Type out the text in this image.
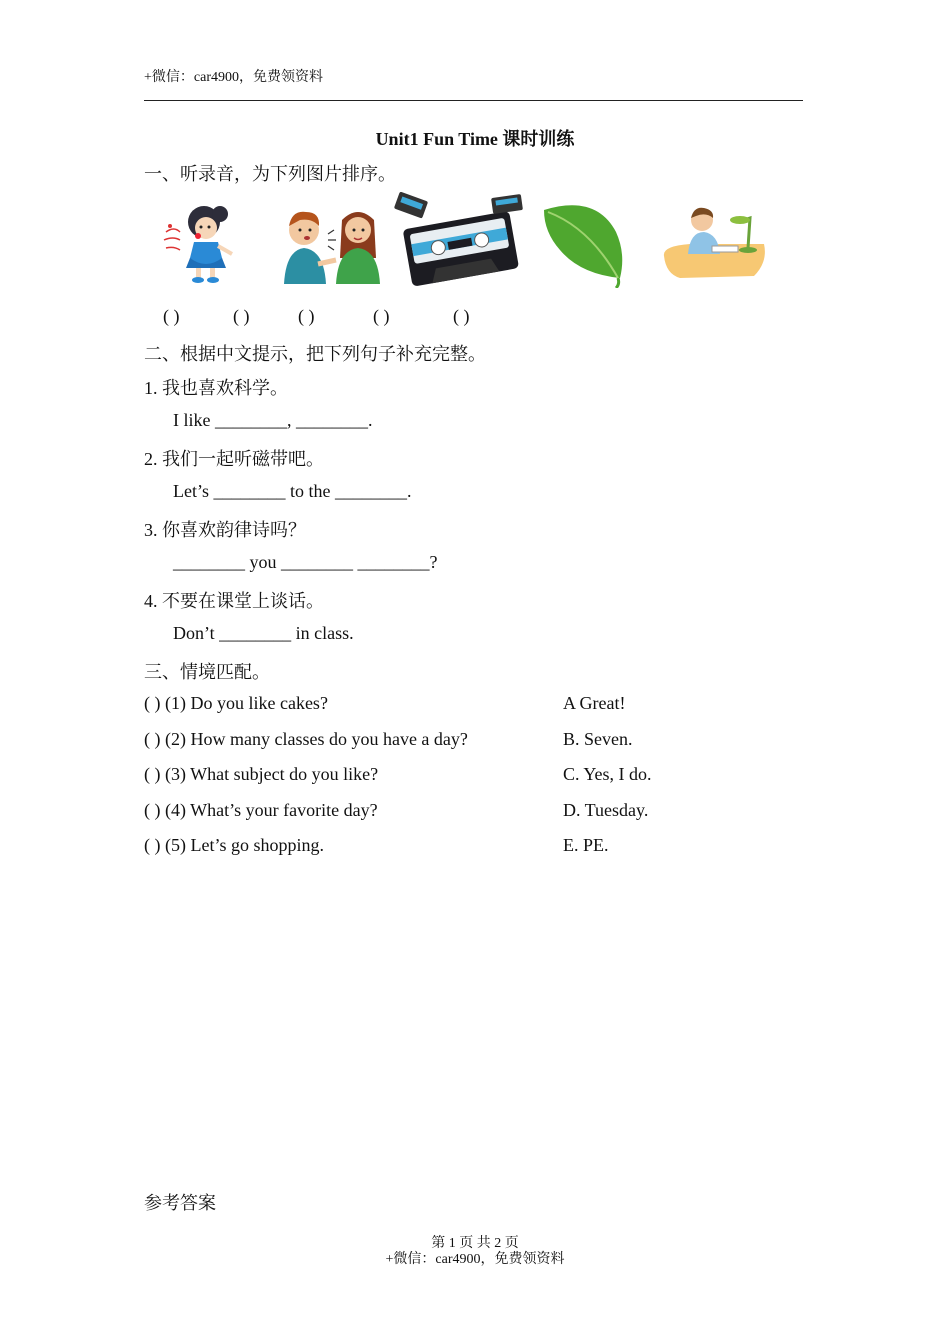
+微信：car4900，免费领资料
Unit1 Fun Time 课时训练
一、听录音，为下列图片排序。
( )	( )	( )	( )	( )
二、根据中文提示，把下列句子补充完整。
1. 我也喜欢科学。
I like ________, ________.
2. 我们一起听磁带吧。
Let’s ________ to the ________.
3. 你喜欢韵律诗吗？
________ you ________ ________?
4. 不要在课堂上谈话。
Don’t ________ in class.
三、情境匹配。
( ) (1) Do you like cakes?	A Great!
( ) (2) How many classes do you have a day?	B. Seven.
( ) (3) What subject do you like?	C. Yes, I do.
( ) (4) What’s your favorite day?	D. Tuesday.
( ) (5) Let’s go shopping.	E. PE.
参考答案
第 1 页 共 2 页
+微信：car4900，免费领资料
